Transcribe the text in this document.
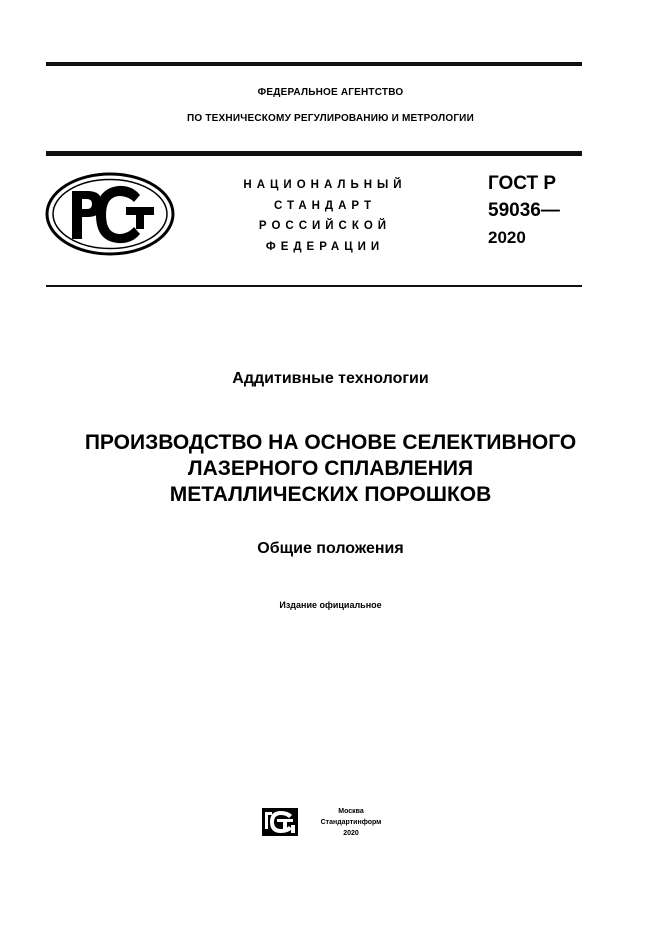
ФЕДЕРАЛЬНОЕ АГЕНТСТВО
ПО ТЕХНИЧЕСКОМУ РЕГУЛИРОВАНИЮ И МЕТРОЛОГИИ
НАЦИОНАЛЬНЫЙ
СТАНДАРТ
РОССИЙСКОЙ
ФЕДЕРАЦИИ
ГОСТ Р
59036—
2020
Аддитивные технологии
ПРОИЗВОДСТВО НА ОСНОВЕ СЕЛЕКТИВНОГО
ЛАЗЕРНОГО СПЛАВЛЕНИЯ
МЕТАЛЛИЧЕСКИХ ПОРОШКОВ
Общие положения
Издание официальное
Москва
Стандартинформ
2020
